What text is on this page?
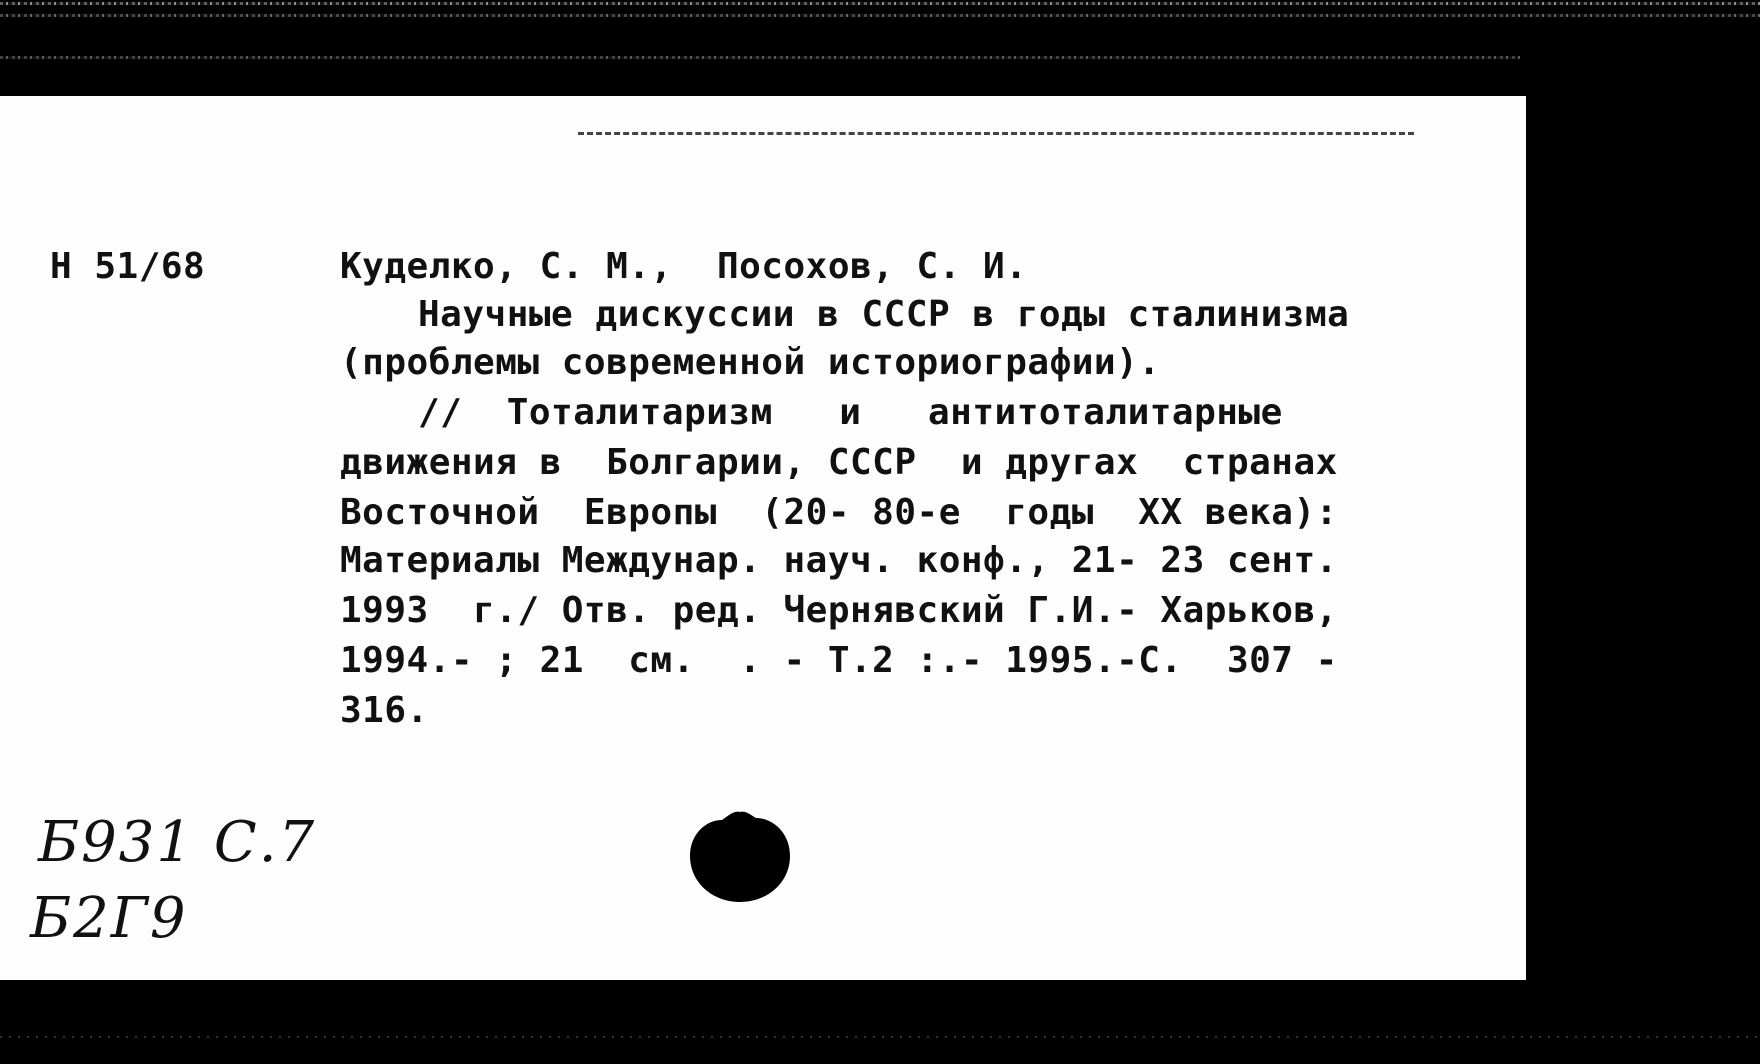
Н 51/68	Куделко, С. М.,  Посохов, С. И.
Научные дискуссии в СССР в годы сталинизма
(проблемы современной историографии).
//  Тоталитаризм   и   антитоталитарные
движения в  Болгарии, СССР  и другах  странах
Восточной  Европы  (20- 80-е  годы  XX века):
Материалы Междунар. науч. конф., 21- 23 сент.
1993  г./ Отв. ред. Чернявский Г.И.- Харьков,
1994.- ; 21  см.  . - Т.2 :.- 1995.-С.  307 -
316.
Б931 С.7
Б2Г9
